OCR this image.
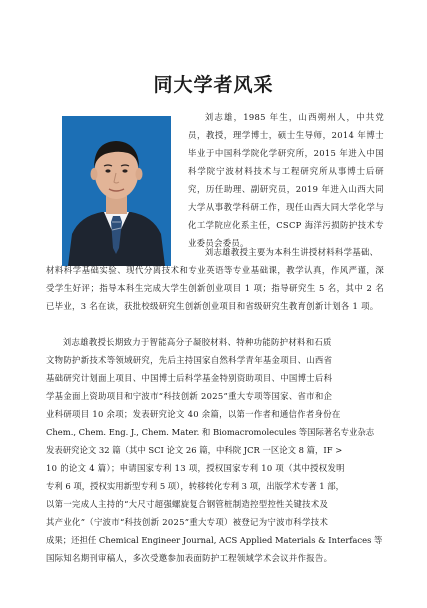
同大学者风采
刘志雄，1985 年生，山西朔州人，中共党员，教授，理学博士，硕士生导师，2014 年博士毕业于中国科学院化学研究所，2015 年进入中国科学院宁波材料技术与工程研究所从事博士后研究，历任助理、副研究员，2019 年进入山西大同大学从事教学科研工作，现任山西大同大学化学与化工学院应化系主任，CSCP 海洋污损防护技术专业委员会委员。
刘志雄教授主要为本科生讲授材料科学基础、
材料科学基础实验、现代分离技术和专业英语等专业基础课，教学认真，作风严谨，深受学生好评；指导本科生完成大学生创新创业项目 1 项；指导研究生 5 名，其中 2 名已毕业，3 名在读，获批校级研究生创新创业项目和省级研究生教育创新计划各 1 项。
刘志雄教授长期致力于智能高分子凝胶材料、特种功能防护材料和石质
文物防护新技术等领域研究，先后主持国家自然科学青年基金项目、山西省
基础研究计划面上项目、中国博士后科学基金特别资助项目、中国博士后科
学基金面上资助项目和宁波市“科技创新 2025”重大专项等国家、省市和企
业科研项目 10 余项；发表研究论文 40 余篇，以第一作者和通信作者身份在
Chem., Chem. Eng. J., Chem. Mater. 和 Biomacromolecules 等国际著名专业杂志
发表研究论文 32 篇（其中 SCI 论文 26 篇，中科院 JCR 一区论文 8 篇，IF >
10 的论文 4 篇）；申请国家专利 13 项，授权国家专利 10 项（其中授权发明
专利 6 项，授权实用新型专利 5 项），转移转化专利 3 项，出版学术专著 1 部，
以第一完成人主持的“大尺寸超强螺旋复合钢管桩制造控型控性关键技术及
其产业化”（宁波市“科技创新 2025”重大专项）被登记为宁波市科学技术
成果；还担任 Chemical Engineer Journal, ACS Applied Materials & Interfaces 等
国际知名期刊审稿人，多次受邀参加表面防护工程领域学术会议并作报告。
